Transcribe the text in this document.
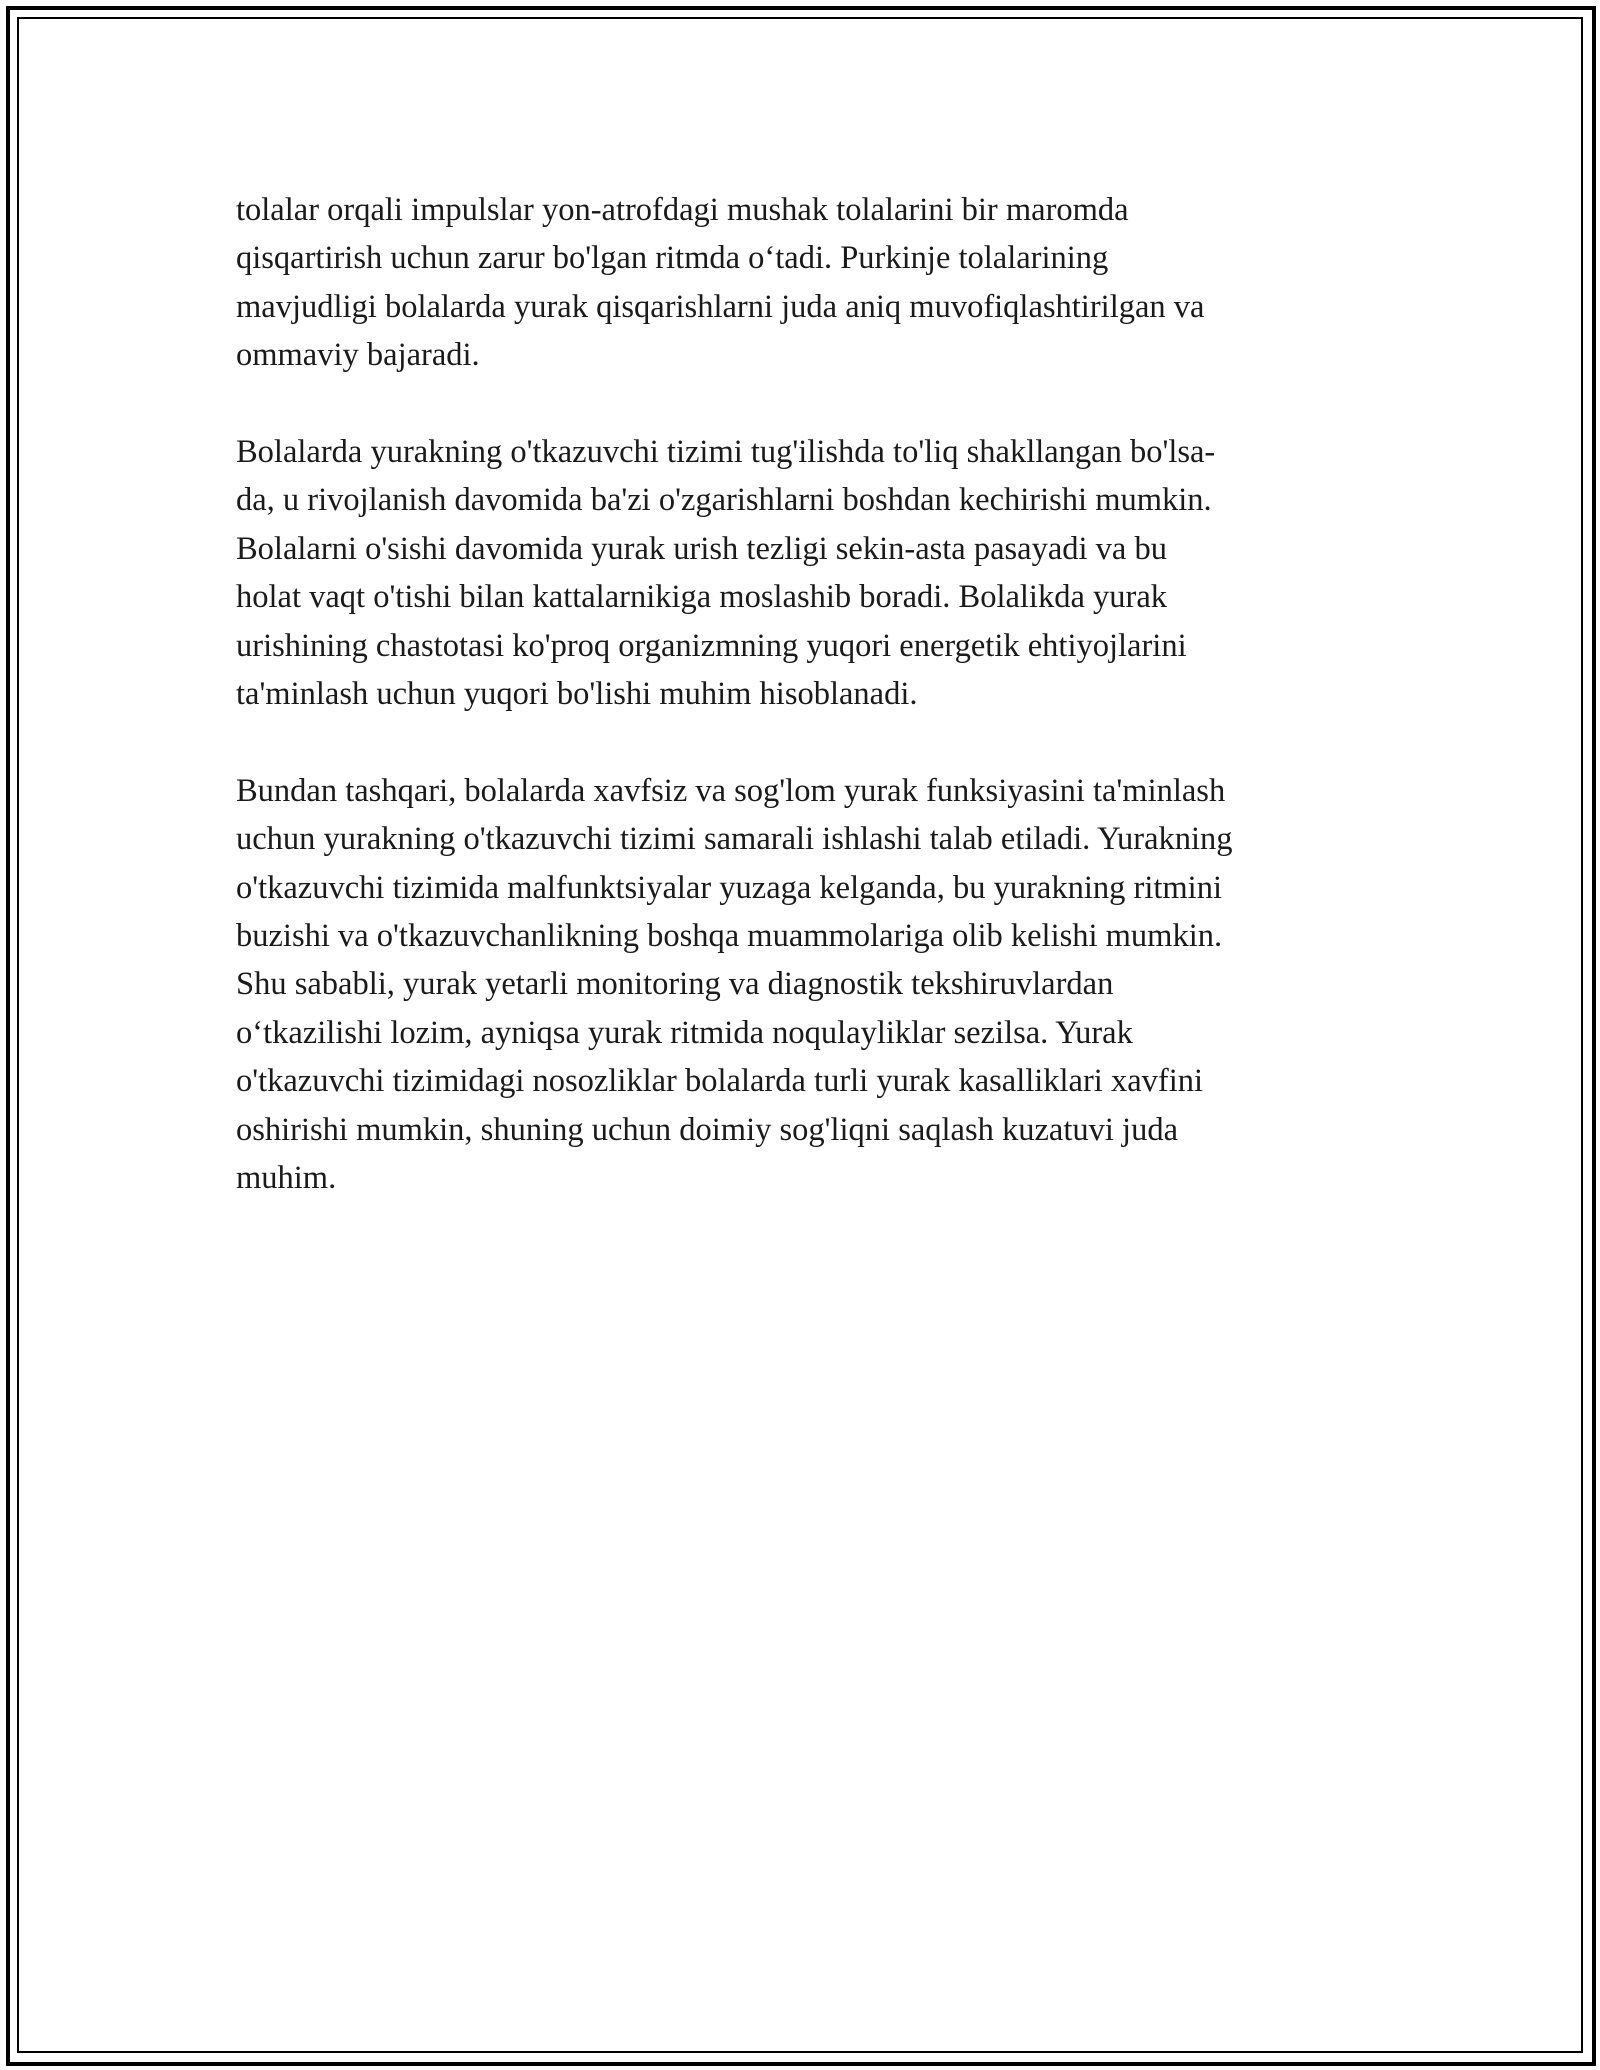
tolalar orqali impulslar yon-atrofdagi mushak tolalarini bir maromda
qisqartirish uchun zarur bo'lgan ritmda o‘tadi. Purkinje tolalarining
mavjudligi bolalarda yurak qisqarishlarni juda aniq muvofiqlashtirilgan va
ommaviy bajaradi.

Bolalarda yurakning o'tkazuvchi tizimi tug'ilishda to'liq shakllangan bo'lsa-
da, u rivojlanish davomida ba'zi o'zgarishlarni boshdan kechirishi mumkin.
Bolalarni o'sishi davomida yurak urish tezligi sekin-asta pasayadi va bu
holat vaqt o'tishi bilan kattalarnikiga moslashib boradi. Bolalikda yurak
urishining chastotasi ko'proq organizmning yuqori energetik ehtiyojlarini
ta'minlash uchun yuqori bo'lishi muhim hisoblanadi.

Bundan tashqari, bolalarda xavfsiz va sog'lom yurak funksiyasini ta'minlash
uchun yurakning o'tkazuvchi tizimi samarali ishlashi talab etiladi. Yurakning
o'tkazuvchi tizimida malfunktsiyalar yuzaga kelganda, bu yurakning ritmini
buzishi va o'tkazuvchanlikning boshqa muammolariga olib kelishi mumkin.
Shu sababli, yurak yetarli monitoring va diagnostik tekshiruvlardan
o‘tkazilishi lozim, ayniqsa yurak ritmida noqulayliklar sezilsa. Yurak
o'tkazuvchi tizimidagi nosozliklar bolalarda turli yurak kasalliklari xavfini
oshirishi mumkin, shuning uchun doimiy sog'liqni saqlash kuzatuvi juda
muhim.
